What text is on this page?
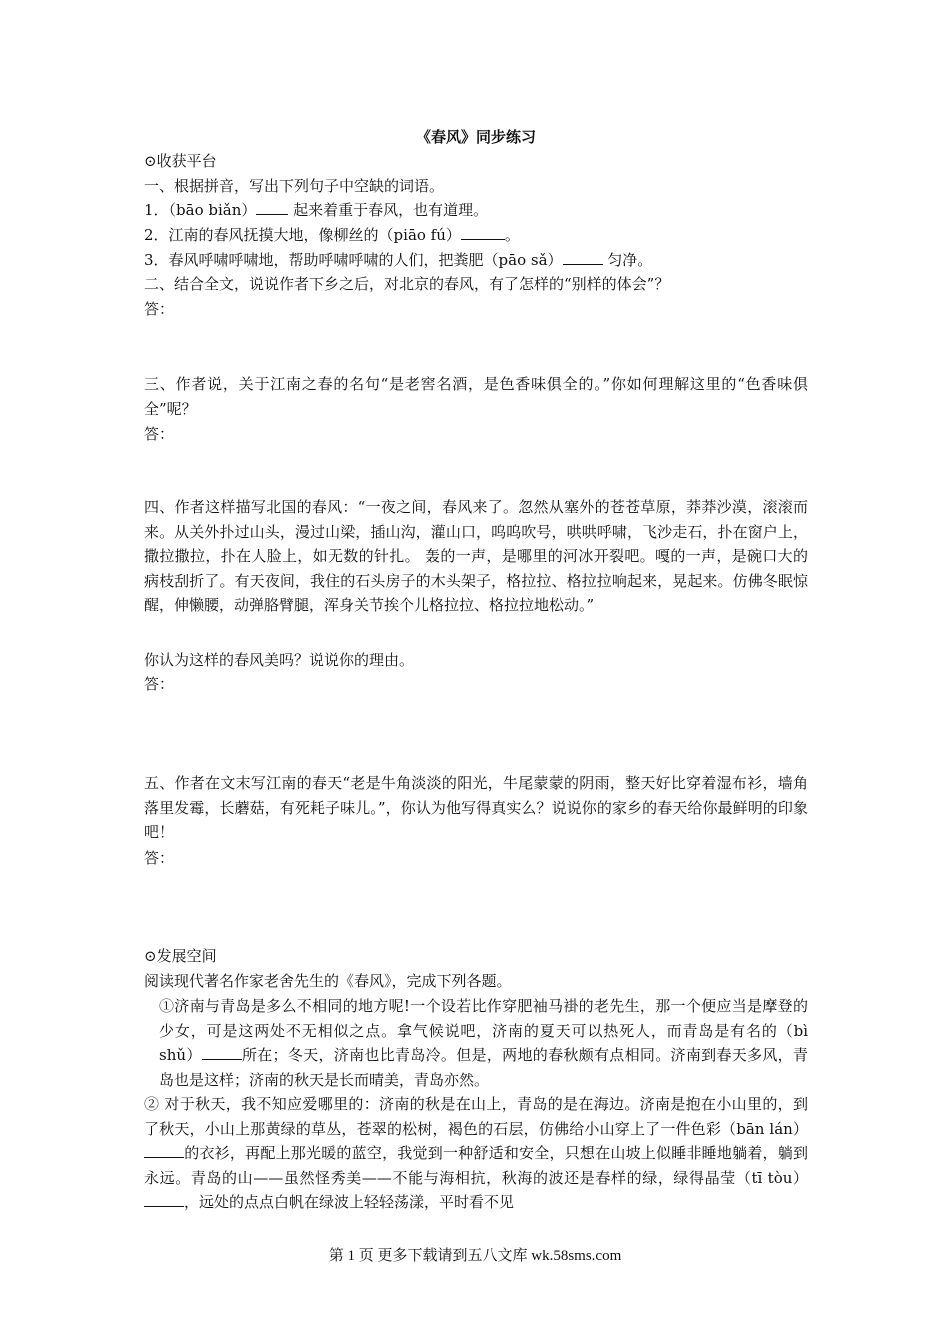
《春风》同步练习
⊙收获平台
一、根据拼音，写出下列句子中空缺的词语。
1．（bāo biǎn） 起来着重于春风，也有道理。
2．江南的春风抚摸大地，像柳丝的（piāo fú）	。
3．春风呼啸呼啸地，帮助呼啸呼啸的人们，把粪肥（pāo sǎ）	匀净。
二、结合全文，说说作者下乡之后，对北京的春风，有了怎样的“别样的体会”？
答：
三、作者说，关于江南之春的名句“是老窖名酒，是色香味俱全的。”你如何理解这里的“色香味俱全”呢？
答：
四、作者这样描写北国的春风：“一夜之间，春风来了。忽然从塞外的苍苍草原，莽莽沙漠，滚滚而来。从关外扑过山头，漫过山梁，插山沟，灌山口，呜呜吹号，哄哄呼啸，飞沙走石，扑在窗户上，撒拉撒拉，扑在人脸上，如无数的针扎。 轰的一声，是哪里的河冰开裂吧。嘎的一声，是碗口大的病枝刮折了。有天夜间，我住的石头房子的木头架子，格拉拉、格拉拉响起来，晃起来。仿佛冬眠惊醒，伸懒腰，动弹胳臂腿，浑身关节挨个儿格拉拉、格拉拉地松动。”
你认为这样的春风美吗？说说你的理由。
答：
五、作者在文末写江南的春天“老是牛角淡淡的阳光，牛尾蒙蒙的阴雨，整天好比穿着湿布衫，墙角落里发霉，长蘑菇，有死耗子味儿。”，你认为他写得真实么？说说你的家乡的春天给你最鲜明的印象吧！
答：
⊙发展空间
阅读现代著名作家老舍先生的《春风》，完成下列各题。
①济南与青岛是多么不相同的地方呢!一个设若比作穿肥袖马褂的老先生，那一个便应当是摩登的少女，可是这两处不无相似之点。拿气候说吧，济南的夏天可以热死人，而青岛是有名的（bì shǔ）	所在；冬天，济南也比青岛冷。但是，两地的春秋颇有点相同。济南到春天多风，青岛也是这样；济南的秋天是长而晴美，青岛亦然。
② 对于秋天，我不知应爱哪里的：济南的秋是在山上，青岛的是在海边。济南是抱在小山里的，到了秋天，小山上那黄绿的草丛，苍翠的松树，褐色的石层，仿佛给小山穿上了一件色彩（bān lán）的衣衫，再配上那光暖的蓝空，我觉到一种舒适和安全，只想在山坡上似睡非睡地躺着，躺到永远。青岛的山——虽然怪秀美——不能与海相抗，秋海的波还是春样的绿，绿得晶莹（tī tòu），远处的点点白帆在绿波上轻轻荡漾，平时看不见
第 1 页 更多下载请到五八文库 wk.58sms.com
